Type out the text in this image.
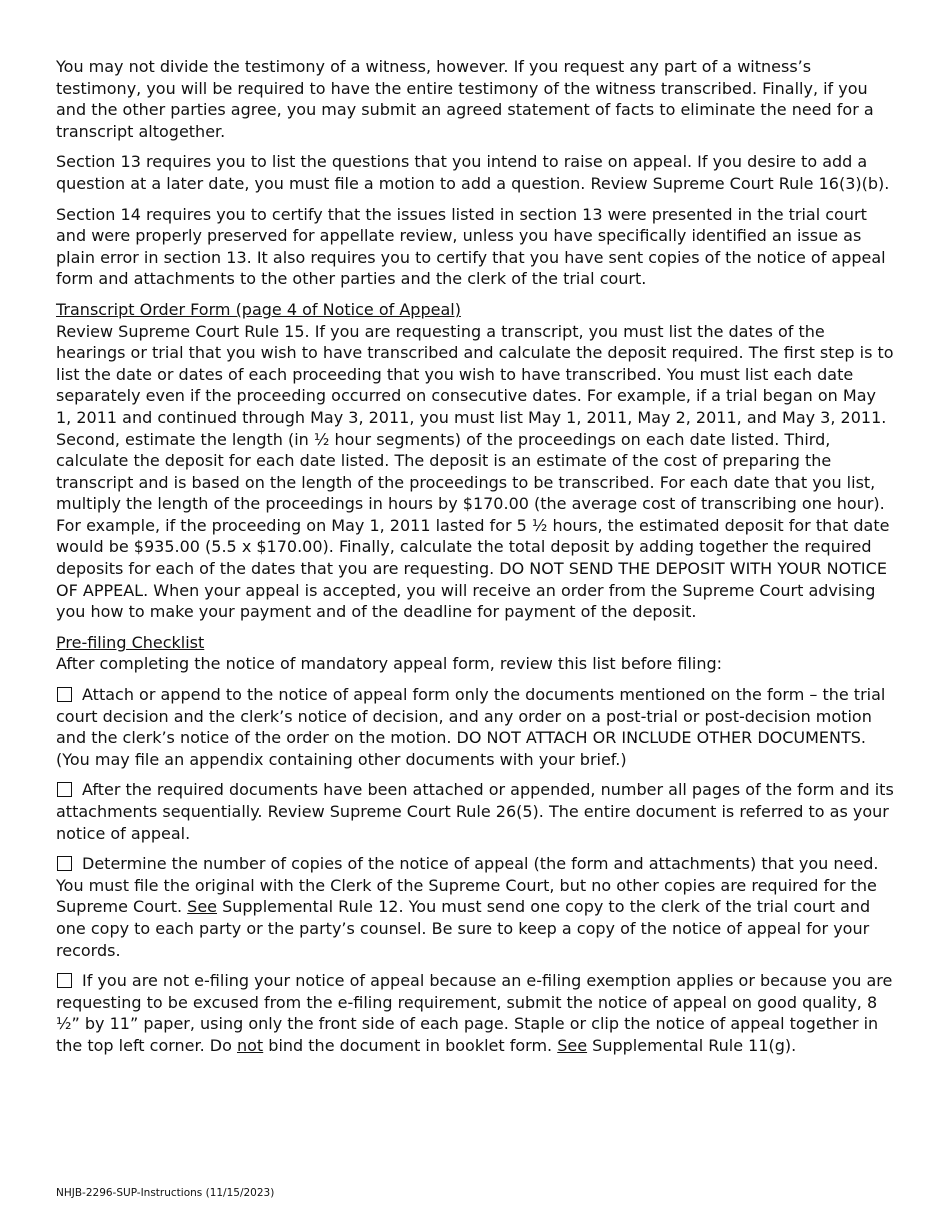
You may not divide the testimony of a witness, however. If you request any part of a witness’s testimony, you will be required to have the entire testimony of the witness transcribed. Finally, if you and the other parties agree, you may submit an agreed statement of facts to eliminate the need for a transcript altogether.

Section 13 requires you to list the questions that you intend to raise on appeal. If you desire to add a question at a later date, you must file a motion to add a question. Review Supreme Court Rule 16(3)(b).

Section 14 requires you to certify that the issues listed in section 13 were presented in the trial court and were properly preserved for appellate review, unless you have specifically identified an issue as plain error in section 13. It also requires you to certify that you have sent copies of the notice of appeal form and attachments to the other parties and the clerk of the trial court.

Transcript Order Form (page 4 of Notice of Appeal)

Review Supreme Court Rule 15. If you are requesting a transcript, you must list the dates of the hearings or trial that you wish to have transcribed and calculate the deposit required. The first step is to list the date or dates of each proceeding that you wish to have transcribed. You must list each date separately even if the proceeding occurred on consecutive dates. For example, if a trial began on May 1, 2011 and continued through May 3, 2011, you must list May 1, 2011, May 2, 2011, and May 3, 2011. Second, estimate the length (in ½ hour segments) of the proceedings on each date listed. Third, calculate the deposit for each date listed. The deposit is an estimate of the cost of preparing the transcript and is based on the length of the proceedings to be transcribed. For each date that you list, multiply the length of the proceedings in hours by $170.00 (the average cost of transcribing one hour). For example, if the proceeding on May 1, 2011 lasted for 5 ½ hours, the estimated deposit for that date would be $935.00 (5.5 x $170.00). Finally, calculate the total deposit by adding together the required deposits for each of the dates that you are requesting. DO NOT SEND THE DEPOSIT WITH YOUR NOTICE OF APPEAL. When your appeal is accepted, you will receive an order from the Supreme Court advising you how to make your payment and of the deadline for payment of the deposit.

Pre-filing Checklist

After completing the notice of mandatory appeal form, review this list before filing:

Attach or append to the notice of appeal form only the documents mentioned on the form – the trial court decision and the clerk’s notice of decision, and any order on a post-trial or post-decision motion and the clerk’s notice of the order on the motion. DO NOT ATTACH OR INCLUDE OTHER DOCUMENTS. (You may file an appendix containing other documents with your brief.)
After the required documents have been attached or appended, number all pages of the form and its attachments sequentially. Review Supreme Court Rule 26(5). The entire document is referred to as your notice of appeal.
Determine the number of copies of the notice of appeal (the form and attachments) that you need. You must file the original with the Clerk of the Supreme Court, but no other copies are required for the Supreme Court. See Supplemental Rule 12. You must send one copy to the clerk of the trial court and one copy to each party or the party’s counsel. Be sure to keep a copy of the notice of appeal for your records.
If you are not e-filing your notice of appeal because an e-filing exemption applies or because you are requesting to be excused from the e-filing requirement, submit the notice of appeal on good quality, 8 ½” by 11” paper, using only the front side of each page. Staple or clip the notice of appeal together in the top left corner. Do not bind the document in booklet form. See Supplemental Rule 11(g).
NHJB-2296-SUP-Instructions (11/15/2023)
